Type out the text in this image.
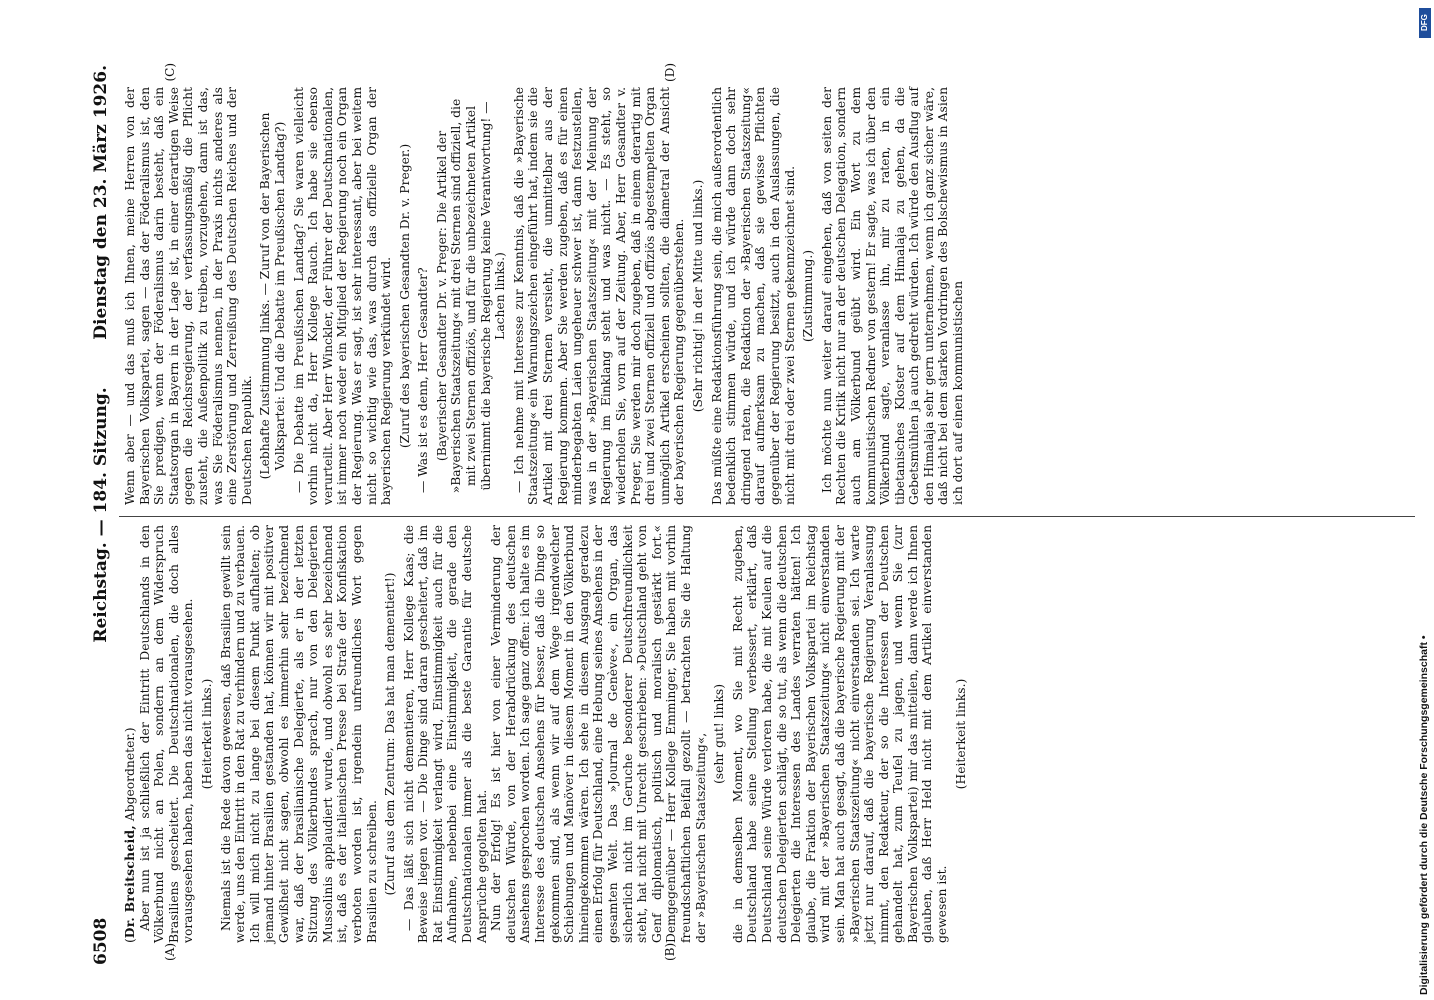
6508
Reichstag. — 184. Sitzung.
Dienstag den 23. März 1926.
(A)	(B)

(Dr. Breitscheid, Abgeordneter.) Aber nun ist ja schließlich der Eintritt Deutschlands in den Völkerbund nicht an Polen, sondern an dem Widerspruch Brasiliens gescheitert. Die Deutschnationalen, die doch alles vorausgesehen haben, haben das nicht vorausgesehen. (Heiterkeit links.) Niemals ist die Rede davon gewesen, daß Brasilien gewillt sein werde, uns den Eintritt in den Rat zu verhindern und zu verbauen. Ich will mich nicht zu lange bei diesem Punkt aufhalten; ob jemand hinter Brasilien gestanden hat, können wir mit positiver Gewißheit nicht sagen, obwohl es immerhin sehr bezeichnend war, daß der brasilianische Delegierte, als er in der letzten Sitzung des Völkerbundes sprach, nur von den Delegierten Mussolinis applaudiert wurde, und obwohl es sehr bezeichnend ist, daß es der italienischen Presse bei Strafe der Konfiskation verboten worden ist, irgendein unfreundliches Wort gegen Brasilien zu schreiben. (Zuruf aus dem Zentrum: Das hat man dementiert!) — Das läßt sich nicht dementieren, Herr Kollege Kaas; die Beweise liegen vor. — Die Dinge sind daran gescheitert, daß im Rat Einstimmigkeit verlangt wird, Einstimmigkeit auch für die Aufnahme, nebenbei eine Einstimmigkeit, die gerade den Deutschnationalen immer als die beste Garantie für deutsche Ansprüche gegolten hat. Nun der Erfolg! Es ist hier von einer Verminderung der deutschen Würde, von der Herabdrückung des deutschen Ansehens gesprochen worden. Ich sage ganz offen: ich halte es im Interesse des deutschen Ansehens für besser, daß die Dinge so gekommen sind, als wenn wir auf dem Wege irgendwelcher Schiebungen und Manöver in diesem Moment in den Völkerbund hineingekommen wären. Ich sehe in diesem Ausgang geradezu einen Erfolg für Deutschland, eine Hebung seines Ansehens in der gesamten Welt. Das »Journal de Genève«, ein Organ, das sicherlich nicht im Geruche besonderer Deutschfreundlichkeit steht, hat nicht mit Unrecht geschrieben: »Deutschland geht von Genf diplomatisch, politisch und moralisch gestärkt fort.« Demgegenüber — Herr Kollege Emminger, Sie haben mit vorhin freundschaftlichen Beifall gezollt — betrachten Sie die Haltung der »Bayerischen Staatszeitung«, (sehr gut! links) die in demselben Moment, wo Sie mit Recht zugeben, Deutschland habe seine Stellung verbessert, erklärt, daß Deutschland seine Würde verloren habe, die mit Keulen auf die deutschen Delegierten schlägt, die so tut, als wenn die deutschen Delegierten die Interessen des Landes verraten hätten! Ich glaube, die Fraktion der Bayerischen Volkspartei im Reichstag wird mit der »Bayerischen Staatszeitung« nicht einverstanden sein. Man hat auch gesagt, daß die bayerische Regierung mit der »Bayerischen Staatszeitung« nicht einverstanden sei. Ich warte jetzt nur darauf, daß die bayerische Regierung Veranlassung nimmt, den Redakteur, der so die Interessen der Deutschen gehandelt hat, zum Teufel zu jagen, und wenn Sie (zur Bayerischen Volkspartei) mir das mitteilen, dann werde ich Ihnen glauben, daß Herr Held nicht mit dem Artikel einverstanden gewesen ist.

(Heiterkeit links.)

(C)	(D)

Wenn aber — und das muß ich Ihnen, meine Herren von der Bayerischen Volkspartei, sagen — das der Föderalismus ist, den Sie predigen, wenn der Föderalismus darin besteht, daß ein Staatsorgan in Bayern in der Lage ist, in einer derartigen Weise gegen die Reichsregierung, der verfassungsmäßig die Pflicht zusteht, die Außenpolitik zu treiben, vorzugehen, dann ist das, was Sie Föderalismus nennen, in der Praxis nichts anderes als eine Zerstörung und Zerreißung des Deutschen Reiches und der Deutschen Republik. (Lebhafte Zustimmung links. — Zuruf von der Bayerischen Volkspartei: Und die Debatte im Preußischen Landtag?) — Die Debatte im Preußischen Landtag? Sie waren vielleicht vorhin nicht da, Herr Kollege Rauch. Ich habe sie ebenso verurteilt. Aber Herr Winckler, der Führer der Deutschnationalen, ist immer noch weder ein Mitglied der Regierung noch ein Organ der Regierung. Was er sagt, ist sehr interessant, aber bei weitem nicht so wichtig wie das, was durch das offizielle Organ der bayerischen Regierung verkündet wird. (Zuruf des bayerischen Gesandten Dr. v. Preger.) — Was ist es denn, Herr Gesandter? (Bayerischer Gesandter Dr. v. Preger: Die Artikel der »Bayerischen Staatszeitung« mit drei Sternen sind offiziell, die mit zwei Sternen offiziös, und für die unbezeichneten Artikel übernimmt die bayerische Regierung keine Verantwortung! — Lachen links.) — Ich nehme mit Interesse zur Kenntnis, daß die »Bayerische Staatszeitung« ein Warnungszeichen eingeführt hat, indem sie die Artikel mit drei Sternen versieht, die unmittelbar aus der Regierung kommen. Aber Sie werden zugeben, daß es für einen minderbegabten Laien ungeheuer schwer ist, dann festzustellen, was in der »Bayerischen Staatszeitung« mit der Meinung der Regierung im Einklang steht und was nicht. — Es steht, so wiederholen Sie, vorn auf der Zeitung. Aber, Herr Gesandter v. Preger, Sie werden mir doch zugeben, daß in einem derartig mit drei und zwei Sternen offiziell und offiziös abgestempelten Organ unmöglich Artikel erscheinen sollten, die diametral der Ansicht der bayerischen Regierung gegenüberstehen. (Sehr richtig! in der Mitte und links.) Das müßte eine Redaktionsführung sein, die mich außerordentlich bedenklich stimmen würde, und ich würde dann doch sehr dringend raten, die Redaktion der »Bayerischen Staatszeitung« darauf aufmerksam zu machen, daß sie gewisse Pflichten gegenüber der Regierung besitzt, auch in den Auslassungen, die nicht mit drei oder zwei Sternen gekennzeichnet sind. (Zustimmung.) Ich möchte nun weiter darauf eingehen, daß von seiten der Rechten die Kritik nicht nur an der deutschen Delegation, sondern auch am Völkerbund geübt wird. Ein Wort zu dem kommunistischen Redner von gestern! Er sagte, was ich über den Völkerbund sagte, veranlasse ihn, mir zu raten, in ein tibetanisches Kloster auf dem Himalaja zu gehen, da die Gebetsmühlen ja auch gedreht würden. Ich würde den Ausflug auf den Himalaja sehr gern unternehmen, wenn ich ganz sicher wäre, daß nicht bei dem starken Vordringen des Bolschewismus in Asien ich dort auf einen kommunistischen

Digitalisierung gefördert durch die Deutsche Forschungsgemeinschaft •
DFG
